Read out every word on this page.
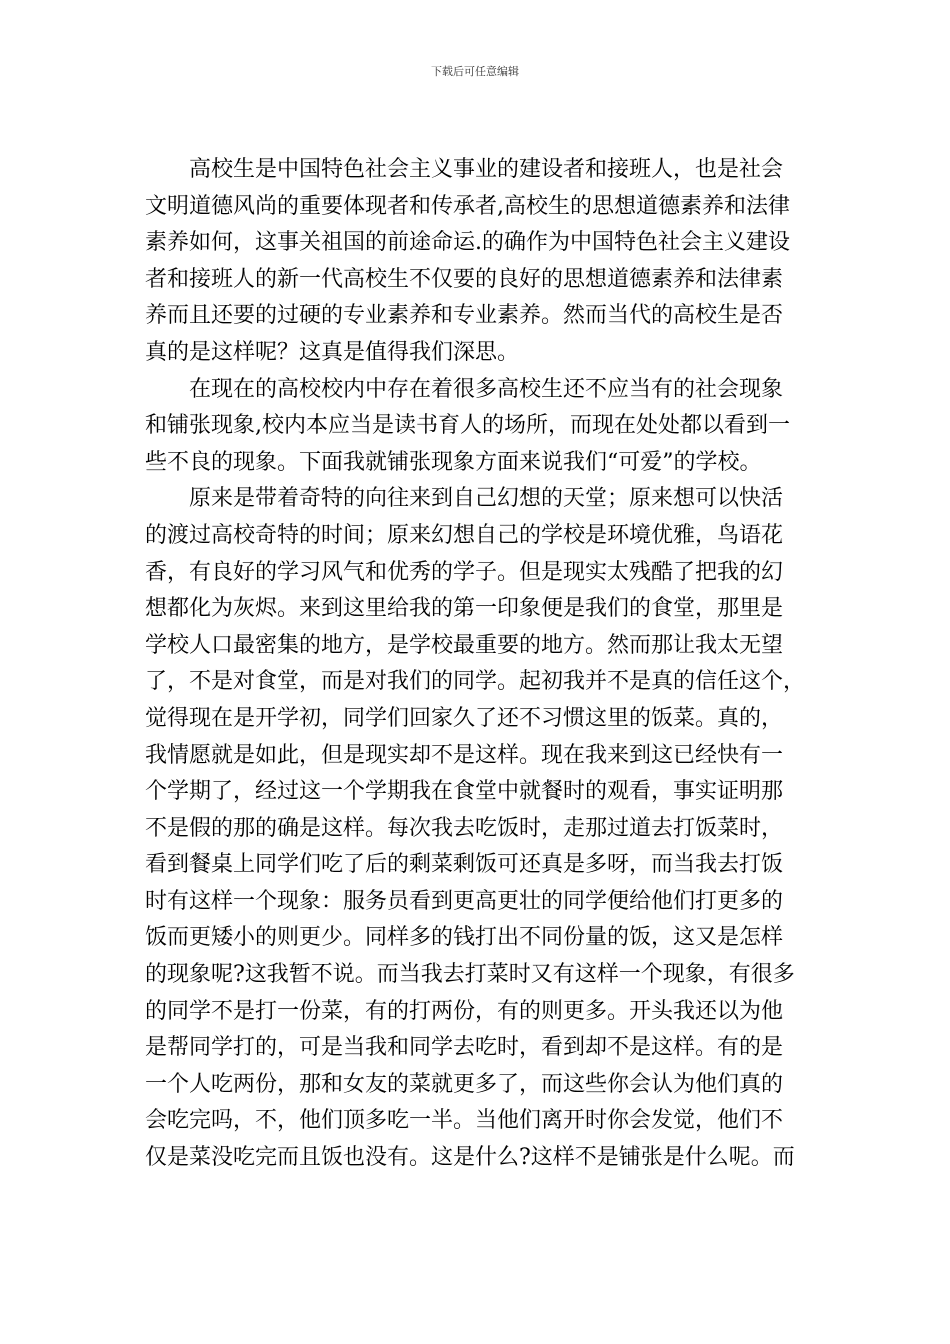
下载后可任意编辑
高校生是中国特色社会主义事业的建设者和接班人，也是社会
文明道德风尚的重要体现者和传承者,高校生的思想道德素养和法律
素养如何，这事关祖国的前途命运.的确作为中国特色社会主义建设
者和接班人的新一代高校生不仅要的良好的思想道德素养和法律素
养而且还要的过硬的专业素养和专业素养。然而当代的高校生是否
真的是这样呢？这真是值得我们深思。
在现在的高校校内中存在着很多高校生还不应当有的社会现象
和铺张现象,校内本应当是读书育人的场所，而现在处处都以看到一
些不良的现象。下面我就铺张现象方面来说我们“可爱”的学校。
原来是带着奇特的向往来到自己幻想的天堂；原来想可以快活
的渡过高校奇特的时间；原来幻想自己的学校是环境优雅，鸟语花
香，有良好的学习风气和优秀的学子。但是现实太残酷了把我的幻
想都化为灰烬。来到这里给我的第一印象便是我们的食堂，那里是
学校人口最密集的地方，是学校最重要的地方。然而那让我太无望
了，不是对食堂，而是对我们的同学。起初我并不是真的信任这个，
觉得现在是开学初，同学们回家久了还不习惯这里的饭菜。真的，
我情愿就是如此，但是现实却不是这样。现在我来到这已经快有一
个学期了，经过这一个学期我在食堂中就餐时的观看，事实证明那
不是假的那的确是这样。每次我去吃饭时，走那过道去打饭菜时，
看到餐桌上同学们吃了后的剩菜剩饭可还真是多呀，而当我去打饭
时有这样一个现象：服务员看到更高更壮的同学便给他们打更多的
饭而更矮小的则更少。同样多的钱打出不同份量的饭，这又是怎样
的现象呢?这我暂不说。而当我去打菜时又有这样一个现象，有很多
的同学不是打一份菜，有的打两份，有的则更多。开头我还以为他
是帮同学打的，可是当我和同学去吃时，看到却不是这样。有的是
一个人吃两份，那和女友的菜就更多了，而这些你会认为他们真的
会吃完吗，不，他们顶多吃一半。当他们离开时你会发觉，他们不
仅是菜没吃完而且饭也没有。这是什么?这样不是铺张是什么呢。而
